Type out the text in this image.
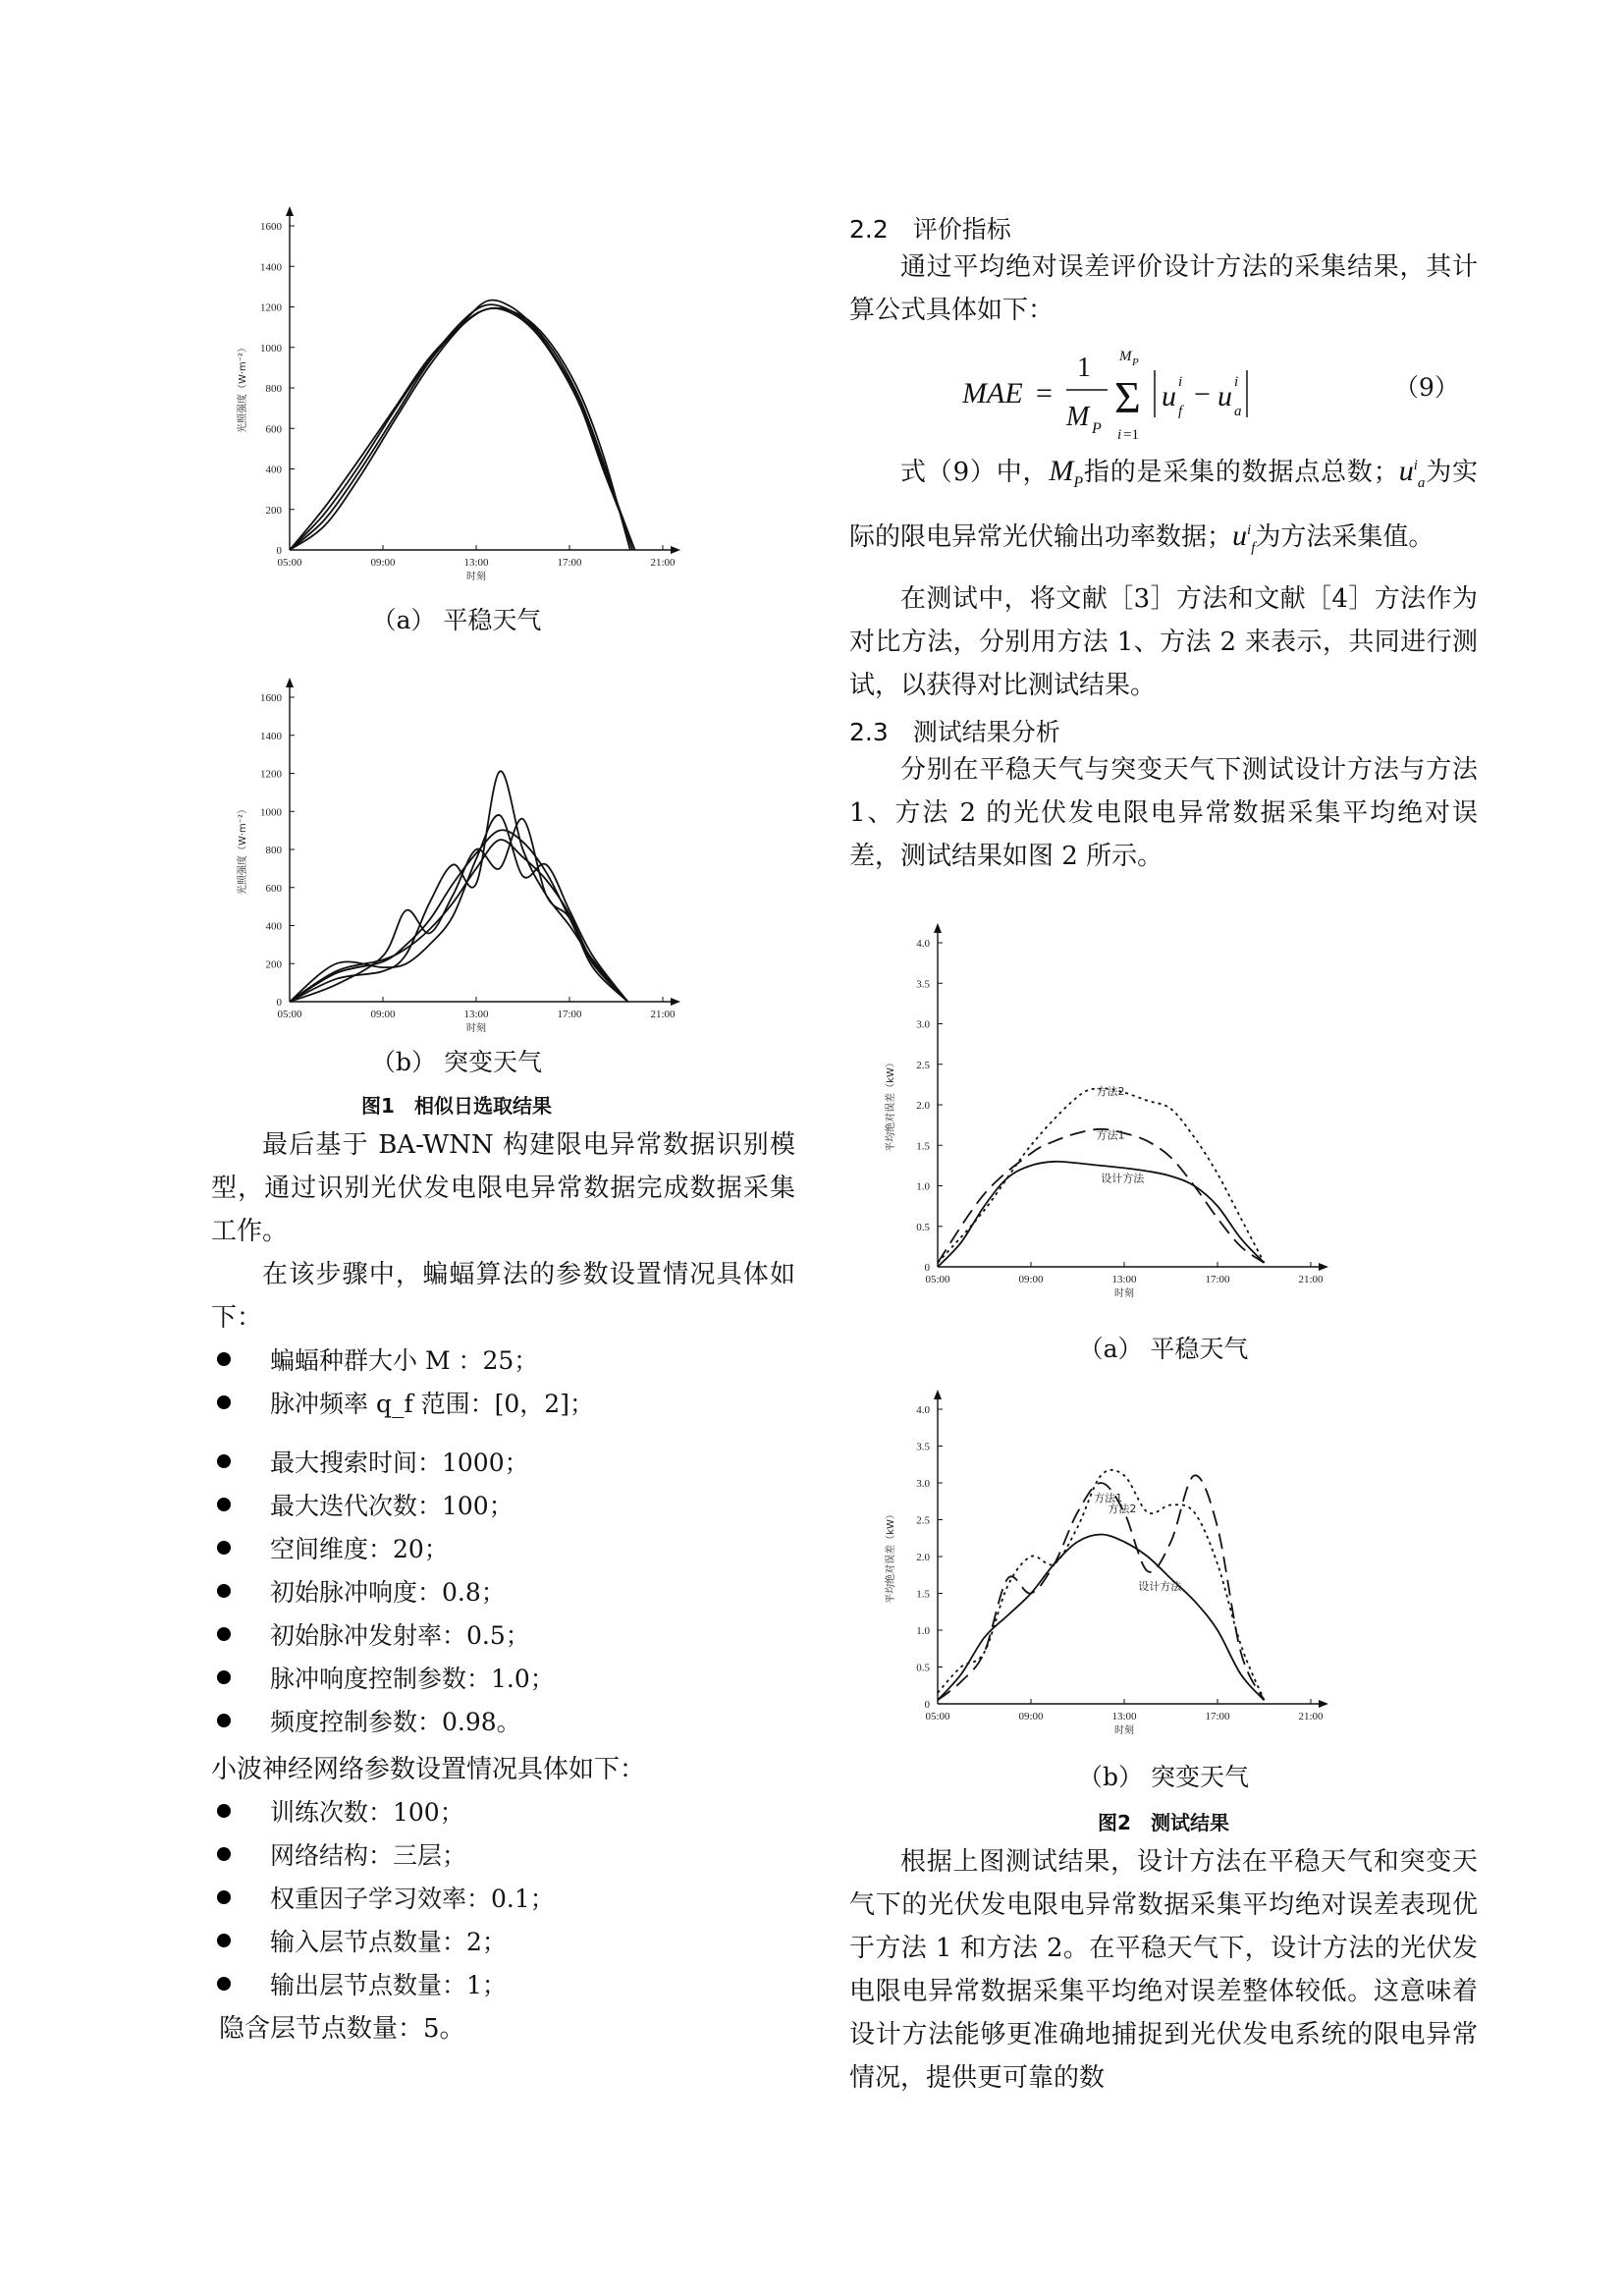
0
200
400
600
800
1000
1200
1400
1600
05:00	09:00	13:00	17:00	21:00
时刻
光照强度（W·m⁻²）
（a） 平稳天气
0
200
400
600
800
1000
1200
1400
1600
05:00	09:00	13:00	17:00	21:00
时刻
光照强度（W·m⁻²）
（b） 突变天气
图1　相似日选取结果
最后基于 BA-WNN 构建限电异常数据识别模型，通过识别光伏发电限电异常数据完成数据采集工作。
在该步骤中，蝙蝠算法的参数设置情况具体如下：
蝙蝠种群大小 M ：25；
脉冲频率 q_f 范围：[0，2]；
最大搜索时间：1000；
最大迭代次数：100；
空间维度：20；
初始脉冲响度：0.8；
初始脉冲发射率：0.5；
脉冲响度控制参数：1.0；
频度控制参数：0.98。
小波神经网络参数设置情况具体如下：
训练次数：100；
网络结构：三层；
权重因子学习效率：0.1；
输入层节点数量：2；
输出层节点数量：1；
隐含层节点数量：5。
2.2　评价指标
通过平均绝对误差评价设计方法的采集结果，其计算公式具体如下：
MAE =
1
M P
M P
Σ
i =1
u i
f
− u i
a
（9）
式（9）中，$M_P$指的是采集的数据点总数；$u^i_a$为实际的限电异常光伏输出功率数据；$u^i_f$为方法采集值。
在测试中，将文献［3］方法和文献［4］方法作为对比方法，分别用方法 1、方法 2 来表示，共同进行测试，以获得对比测试结果。
2.3　测试结果分析
分别在平稳天气与突变天气下测试设计方法与方法 1、方法 2 的光伏发电限电异常数据采集平均绝对误差，测试结果如图 2 所示。
0
0.5
1.0
1.5
2.0
2.5
3.0
3.5
4.0
05:00	09:00	13:00	17:00	21:00
时刻
平均绝对误差（kW）	方法2
方法1
设计方法
（a） 平稳天气
0
0.5
1.0
1.5
2.0
2.5
3.0
3.5
4.0
05:00	09:00	13:00	17:00	21:00
时刻
平均绝对误差（kW）
方法1
方法2
设计方法
（b） 突变天气
图2　测试结果
根据上图测试结果，设计方法在平稳天气和突变天气下的光伏发电限电异常数据采集平均绝对误差表现优于方法 1 和方法 2。在平稳天气下，设计方法的光伏发电限电异常数据采集平均绝对误差整体较低。这意味着设计方法能够更准确地捕捉到光伏发电系统的限电异常情况，提供更可靠的数
